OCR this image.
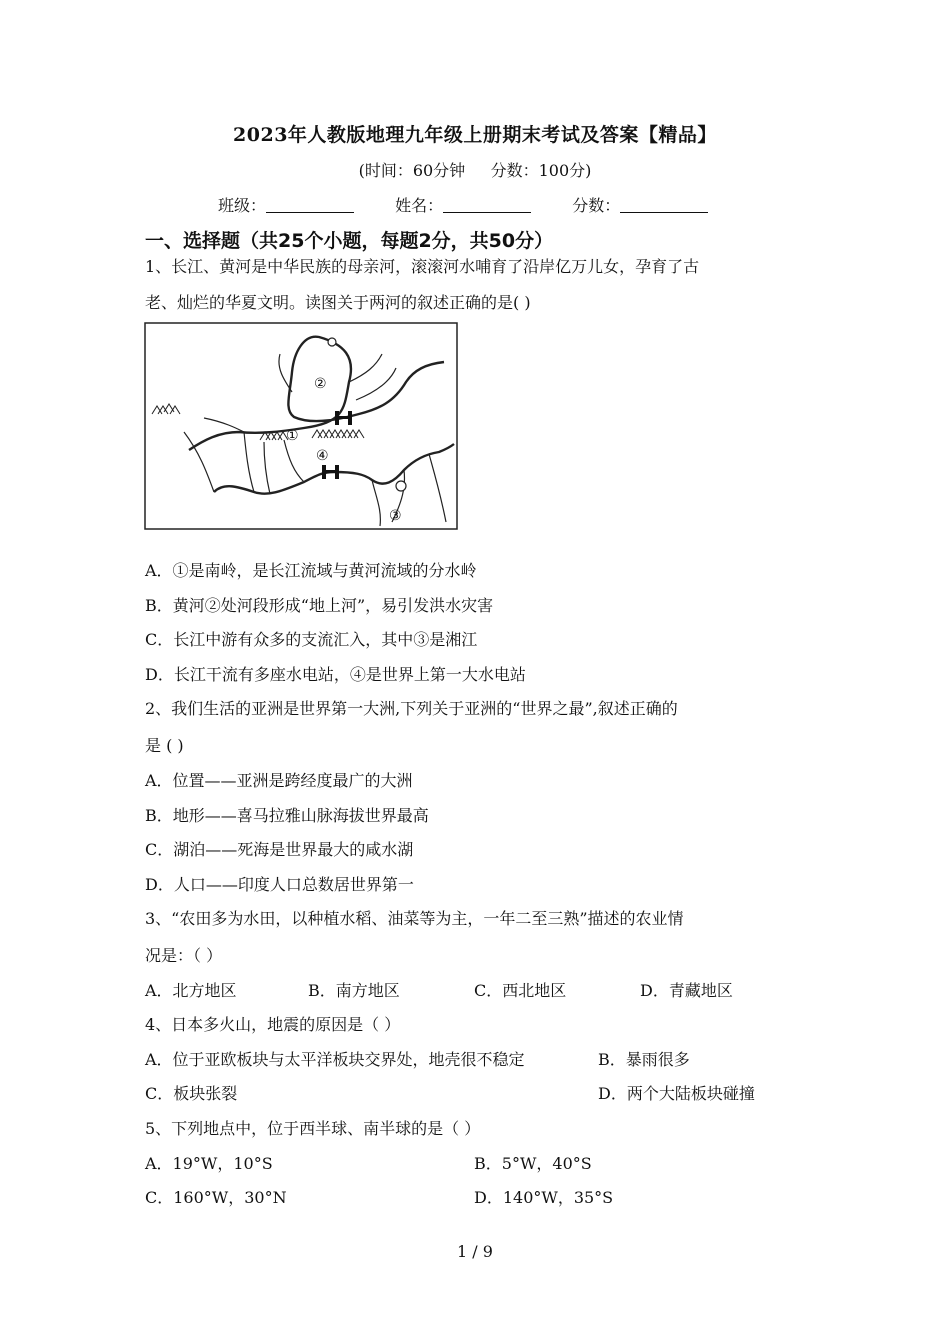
2023年人教版地理九年级上册期末考试及答案【精品】
(时间：60分钟     分数：100分)
班级：	姓名：	分数：
一、选择题（共25个小题，每题2分，共50分）
1、长江、黄河是中华民族的母亲河，滚滚河水哺育了沿岸亿万儿女，孕育了古
老、灿烂的华夏文明。读图关于两河的叙述正确的是( )
①
②
③
④
A．①是南岭，是长江流域与黄河流域的分水岭
B．黄河②处河段形成“地上河”，易引发洪水灾害
C．长江中游有众多的支流汇入，其中③是湘江
D．长江干流有多座水电站，④是世界上第一大水电站
2、我们生活的亚洲是世界第一大洲,下列关于亚洲的“世界之最”,叙述正确的
是 ( )
A．位置——亚洲是跨经度最广的大洲
B．地形——喜马拉雅山脉海拔世界最高
C．湖泊——死海是世界最大的咸水湖
D．人口——印度人口总数居世界第一
3、“农田多为水田，以种植水稻、油菜等为主，一年二至三熟”描述的农业情
况是：（ ）
A．北方地区	B．南方地区	C．西北地区	D．青藏地区
4、日本多火山，地震的原因是（ ）
A．位于亚欧板块与太平洋板块交界处，地壳很不稳定	B．暴雨很多
C．板块张裂	D．两个大陆板块碰撞
5、下列地点中，位于西半球、南半球的是（ ）
A．19°W，10°S	B．5°W，40°S
C．160°W，30°N	D．140°W，35°S
1 / 9
